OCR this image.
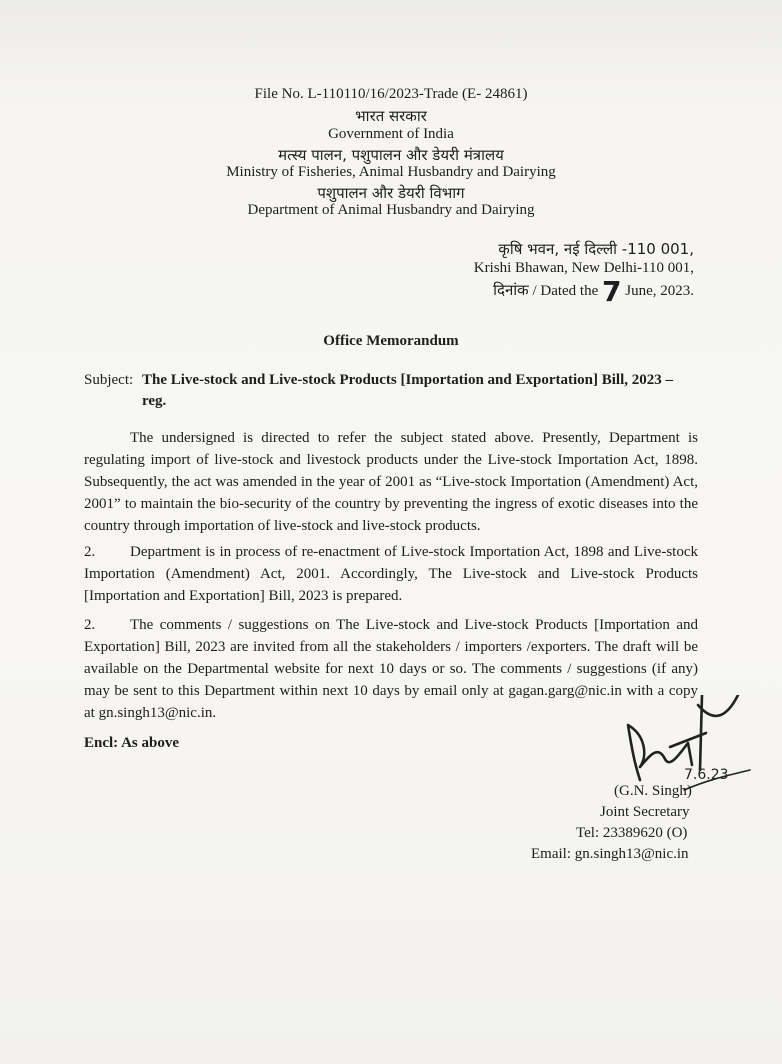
File No. L-110110/16/2023-Trade (E- 24861)
भारत सरकार
Government of India
मत्स्य पालन, पशुपालन और डेयरी मंत्रालय
Ministry of Fisheries, Animal Husbandry and Dairying
पशुपालन और डेयरी विभाग
Department of Animal Husbandry and Dairying
कृषि भवन, नई दिल्ली -110 001,
Krishi Bhawan, New Delhi-110 001,
दिनांक / Dated the 7 June, 2023.
Office Memorandum
Subject: The Live-stock and Live-stock Products [Importation and Exportation] Bill, 2023 –
reg.

The undersigned is directed to refer the subject stated above. Presently, Department is regulating import of live-stock and livestock products under the Live-stock Importation Act, 1898. Subsequently, the act was amended in the year of 2001 as “Live-stock Importation (Amendment) Act, 2001” to maintain the bio-security of the country by preventing the ingress of exotic diseases into the country through importation of live-stock and live-stock products.

2. Department is in process of re-enactment of Live-stock Importation Act, 1898 and Live-stock Importation (Amendment) Act, 2001. Accordingly, The Live-stock and Live-stock Products [Importation and Exportation] Bill, 2023 is prepared.

2. The comments / suggestions on The Live-stock and Live-stock Products [Importation and Exportation] Bill, 2023 are invited from all the stakeholders / importers /exporters. The draft will be available on the Departmental website for next 10 days or so. The comments / suggestions (if any) may be sent to this Department within next 10 days by email only at gagan.garg@nic.in with a copy at gn.singh13@nic.in.

Encl: As above
7.6.23
(G.N. Singh)
Joint Secretary
Tel: 23389620 (O)
Email: gn.singh13@nic.in
